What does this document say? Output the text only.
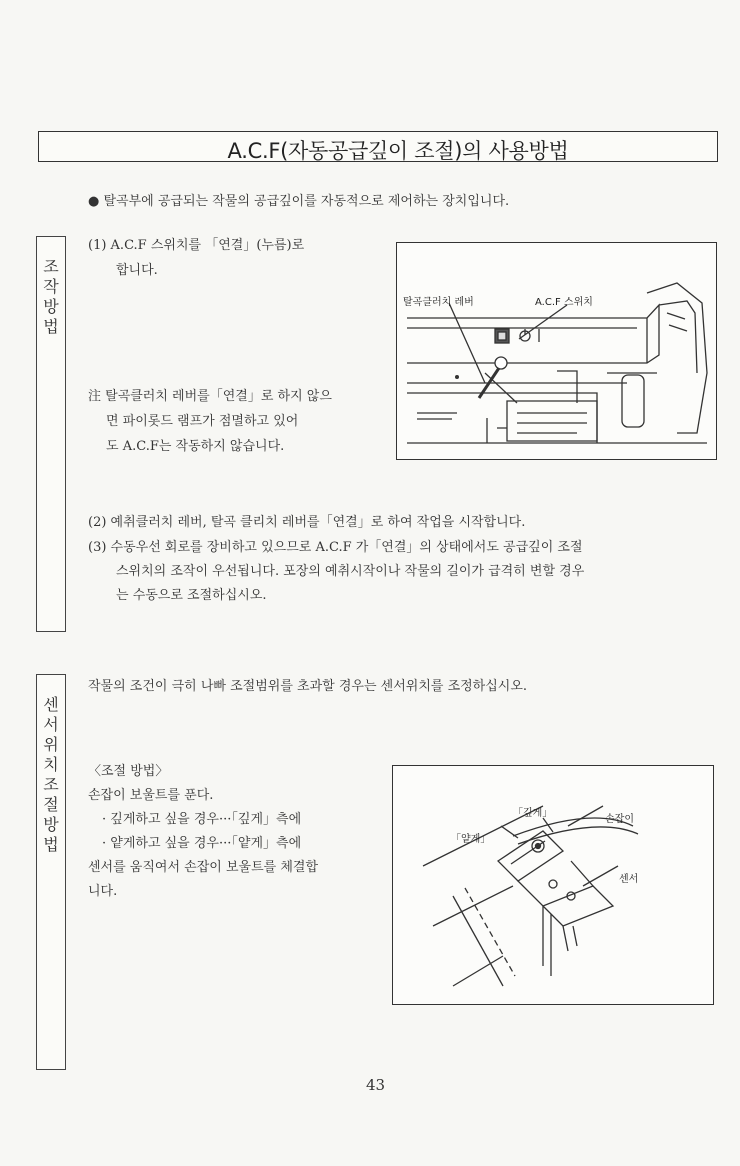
A.C.F(자동공급깊이 조절)의 사용방법
● 탈곡부에 공급되는 작물의 공급깊이를 자동적으로 제어하는 장치입니다.
조작방법
(1) A.C.F 스위치를 「연결」(누름)로
합니다.
注 탈곡클러치 레버를「연결」로 하지 않으
면 파이롯드 램프가 점멸하고 있어
도 A.C.F는 작동하지 않습니다.
탈곡클러치 레버	A.C.F 스위치
(2) 예취클러치 레버, 탈곡 클리치 레버를「연결」로 하여 작업을 시작합니다.
(3) 수동우선 회로를 장비하고 있으므로 A.C.F 가「연결」의 상태에서도 공급깊이 조절
스위치의 조작이 우선됩니다. 포장의 예취시작이나 작물의 길이가 급격히 변할 경우
는 수동으로 조절하십시오.
센서위치 조절방법
작물의 조건이 극히 나빠 조절범위를 초과할 경우는 센서위치를 조정하십시오.
〈조절 방법〉
손잡이 보울트를 푼다.
· 깊게하고 싶을 경우···「깊게」측에
· 얕게하고 싶을 경우···「얕게」측에
센서를 움직여서 손잡이 보울트를 체결합
니다.
「깊게」
「얕게」
손잡이
센서
43
